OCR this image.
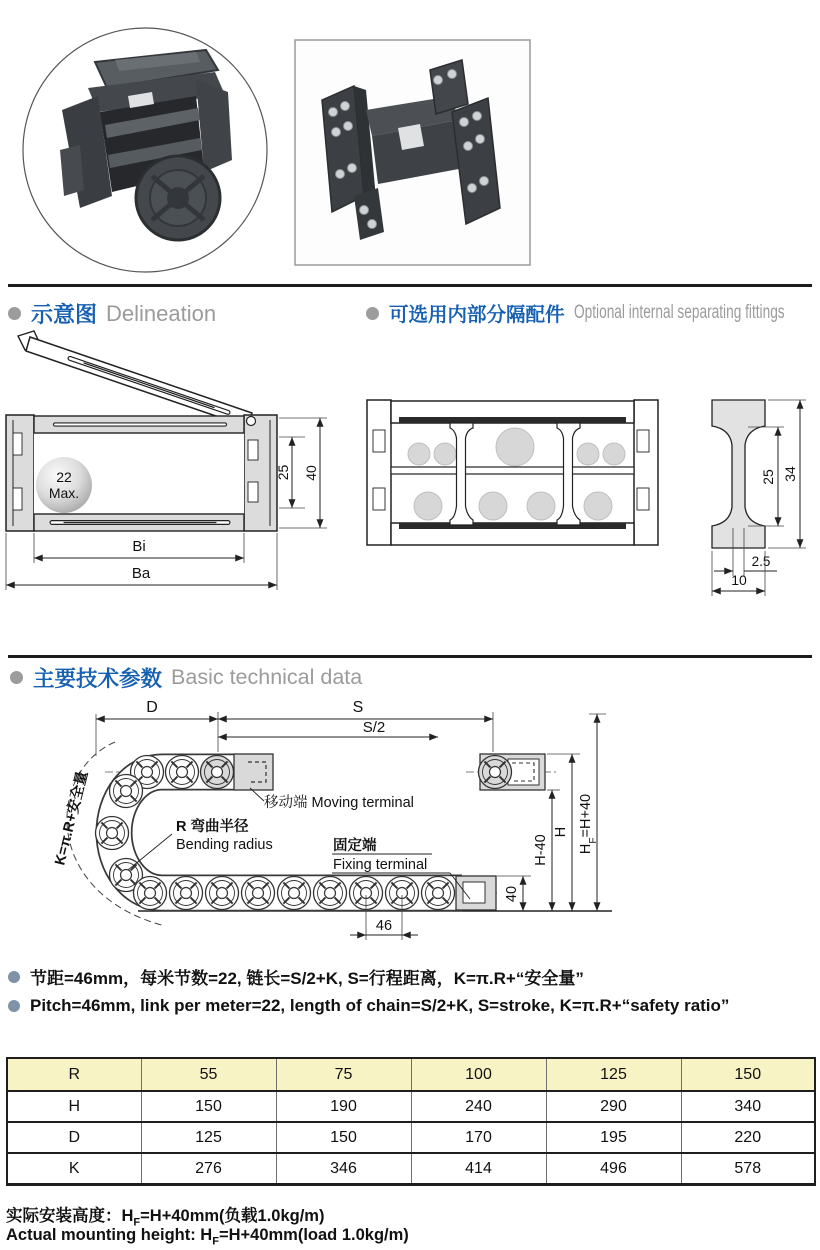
示意图 Delineation	可选用内部分隔配件 Optional internal separating fittings
22
Max.
25 40
Bi
Ba
25 34
2.5
10
主要技术参数 Basic technical data
K=π.R+安全量
D	S
S/2
移动端 Moving terminal
R 弯曲半径
Bending radius	固定端
Fixing terminal
40
H-40
H
$H_F=H+40$
46
节距=46mm，每米节数=22, 链长=S/2+K, S=行程距离，K=π.R+“安全量”
Pitch=46mm, link per meter=22, length of chain=S/2+K, S=stroke, K=π.R+“safety ratio”
R	55	75	100	125	150
H	150	190	240	290	340
D	125	150	170	195	220
K	276	346	414	496	578
实际安装高度：$H_F=H+40mm$(负载1.0kg/m)
Actual mounting height: $H_F=H+40mm(load$ 1.0kg/m)
